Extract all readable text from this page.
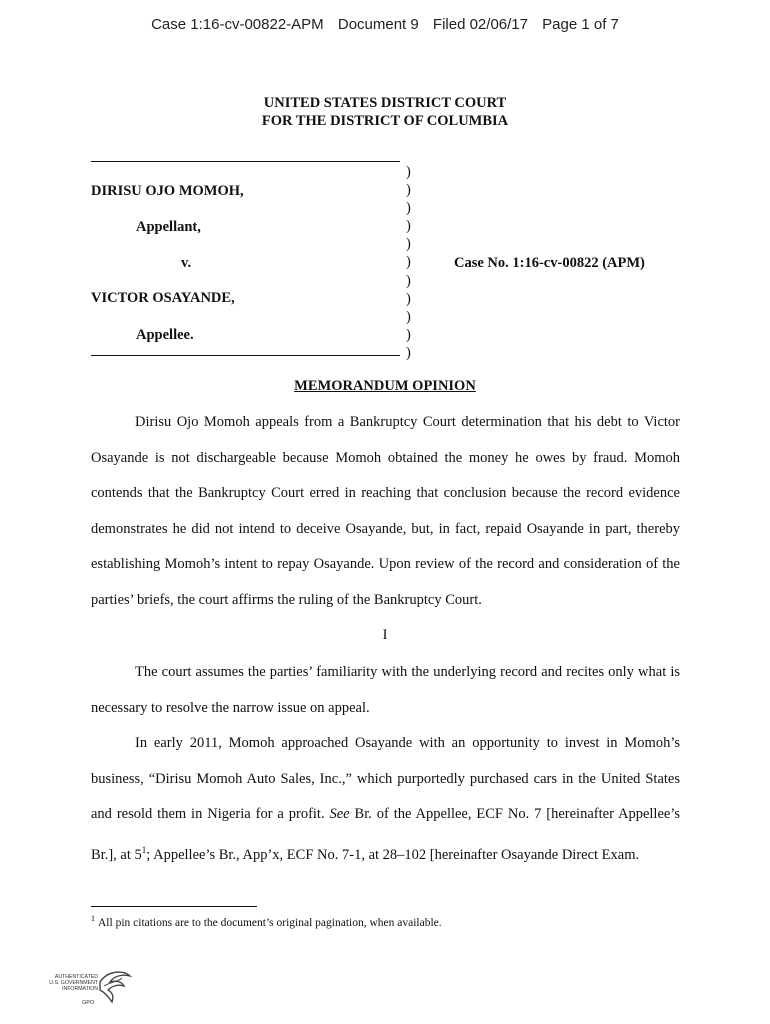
Case 1:16-cv-00822-APM Document 9 Filed 02/06/17 Page 1 of 7
UNITED STATES DISTRICT COURT
FOR THE DISTRICT OF COLUMBIA
DIRISU OJO MOMOH,
Appellant,
v.
VICTOR OSAYANDE,
Appellee.
)
)
)
)
)
)
)
)
)
)
)
Case No. 1:16-cv-00822 (APM)
MEMORANDUM OPINION

Dirisu Ojo Momoh appeals from a Bankruptcy Court determination that his debt to Victor Osayande is not dischargeable because Momoh obtained the money he owes by fraud. Momoh contends that the Bankruptcy Court erred in reaching that conclusion because the record evidence demonstrates he did not intend to deceive Osayande, but, in fact, repaid Osayande in part, thereby establishing Momoh’s intent to repay Osayande. Upon review of the record and consideration of the parties’ briefs, the court affirms the ruling of the Bankruptcy Court.

I

The court assumes the parties’ familiarity with the underlying record and recites only what is necessary to resolve the narrow issue on appeal.

In early 2011, Momoh approached Osayande with an opportunity to invest in Momoh’s business, “Dirisu Momoh Auto Sales, Inc.,” which purportedly purchased cars in the United States and resold them in Nigeria for a profit. See Br. of the Appellee, ECF No. 7 [hereinafter Appellee’s Br.], at $5^1$; Appellee’s Br., App’x, ECF No. 7-1, at 28–102 [hereinafter Osayande Direct Exam.

$^1$ All pin citations are to the document’s original pagination, when available.
AUTHENTICATED
U.S. GOVERNMENT
INFORMATION
GPO
